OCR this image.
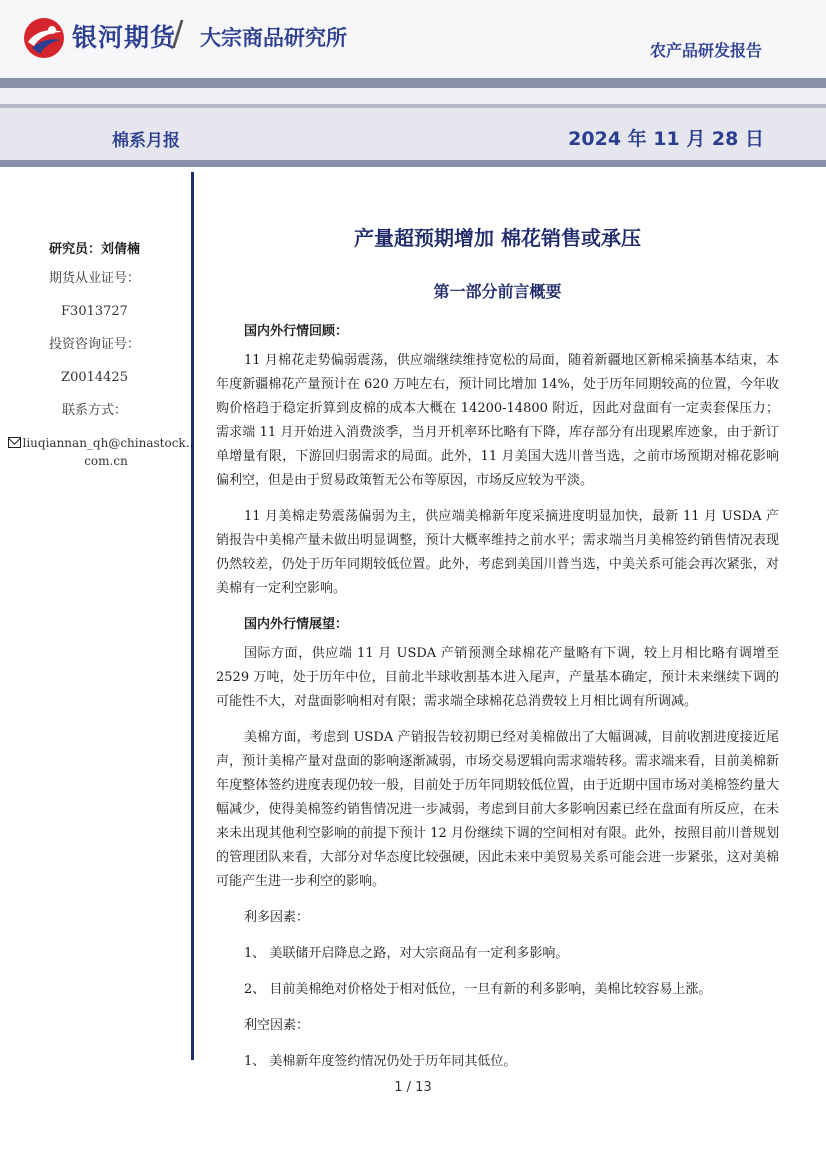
银河期货
/ 大宗商品研究所
农产品研发报告
棉系月报	2024 年 11 月 28 日
研究员：刘倩楠
期货从业证号：
F3013727
投资咨询证号：
Z0014425
联系方式：
liuqiannan_qh@chinastock.
com.cn
产量超预期增加 棉花销售或承压
第一部分前言概要
国内外行情回顾：

11 月棉花走势偏弱震荡，供应端继续维持宽松的局面，随着新疆地区新棉采摘基本结束，本年度新疆棉花产量预计在 620 万吨左右，预计同比增加 14%，处于历年同期较高的位置，今年收购价格趋于稳定折算到皮棉的成本大概在 14200-14800 附近，因此对盘面有一定卖套保压力；需求端 11 月开始进入消费淡季，当月开机率环比略有下降，库存部分有出现累库迹象，由于新订单增量有限，下游回归弱需求的局面。此外，11 月美国大选川普当选，之前市场预期对棉花影响偏利空，但是由于贸易政策暂无公布等原因，市场反应较为平淡。

11 月美棉走势震荡偏弱为主，供应端美棉新年度采摘进度明显加快，最新 11 月 USDA 产销报告中美棉产量未做出明显调整，预计大概率维持之前水平；需求端当月美棉签约销售情况表现仍然较差，仍处于历年同期较低位置。此外，考虑到美国川普当选，中美关系可能会再次紧张，对美棉有一定利空影响。

国内外行情展望：

国际方面，供应端 11 月 USDA 产销预测全球棉花产量略有下调，较上月相比略有调增至 2529 万吨，处于历年中位，目前北半球收割基本进入尾声，产量基本确定，预计未来继续下调的可能性不大，对盘面影响相对有限；需求端全球棉花总消费较上月相比调有所调减。

美棉方面，考虑到 USDA 产销报告较初期已经对美棉做出了大幅调减，目前收割进度接近尾声，预计美棉产量对盘面的影响逐渐减弱，市场交易逻辑向需求端转移。需求端来看，目前美棉新年度整体签约进度表现仍较一般，目前处于历年同期较低位置，由于近期中国市场对美棉签约量大幅减少，使得美棉签约销售情况进一步减弱，考虑到目前大多影响因素已经在盘面有所反应，在未来未出现其他利空影响的前提下预计 12 月份继续下调的空间相对有限。此外，按照目前川普规划的管理团队来看，大部分对华态度比较强硬，因此未来中美贸易关系可能会进一步紧张，这对美棉可能产生进一步利空的影响。

利多因素：

1、 美联储开启降息之路，对大宗商品有一定利多影响。

2、 目前美棉绝对价格处于相对低位，一旦有新的利多影响，美棉比较容易上涨。

利空因素：

1、 美棉新年度签约情况仍处于历年同其低位。

1 / 13
